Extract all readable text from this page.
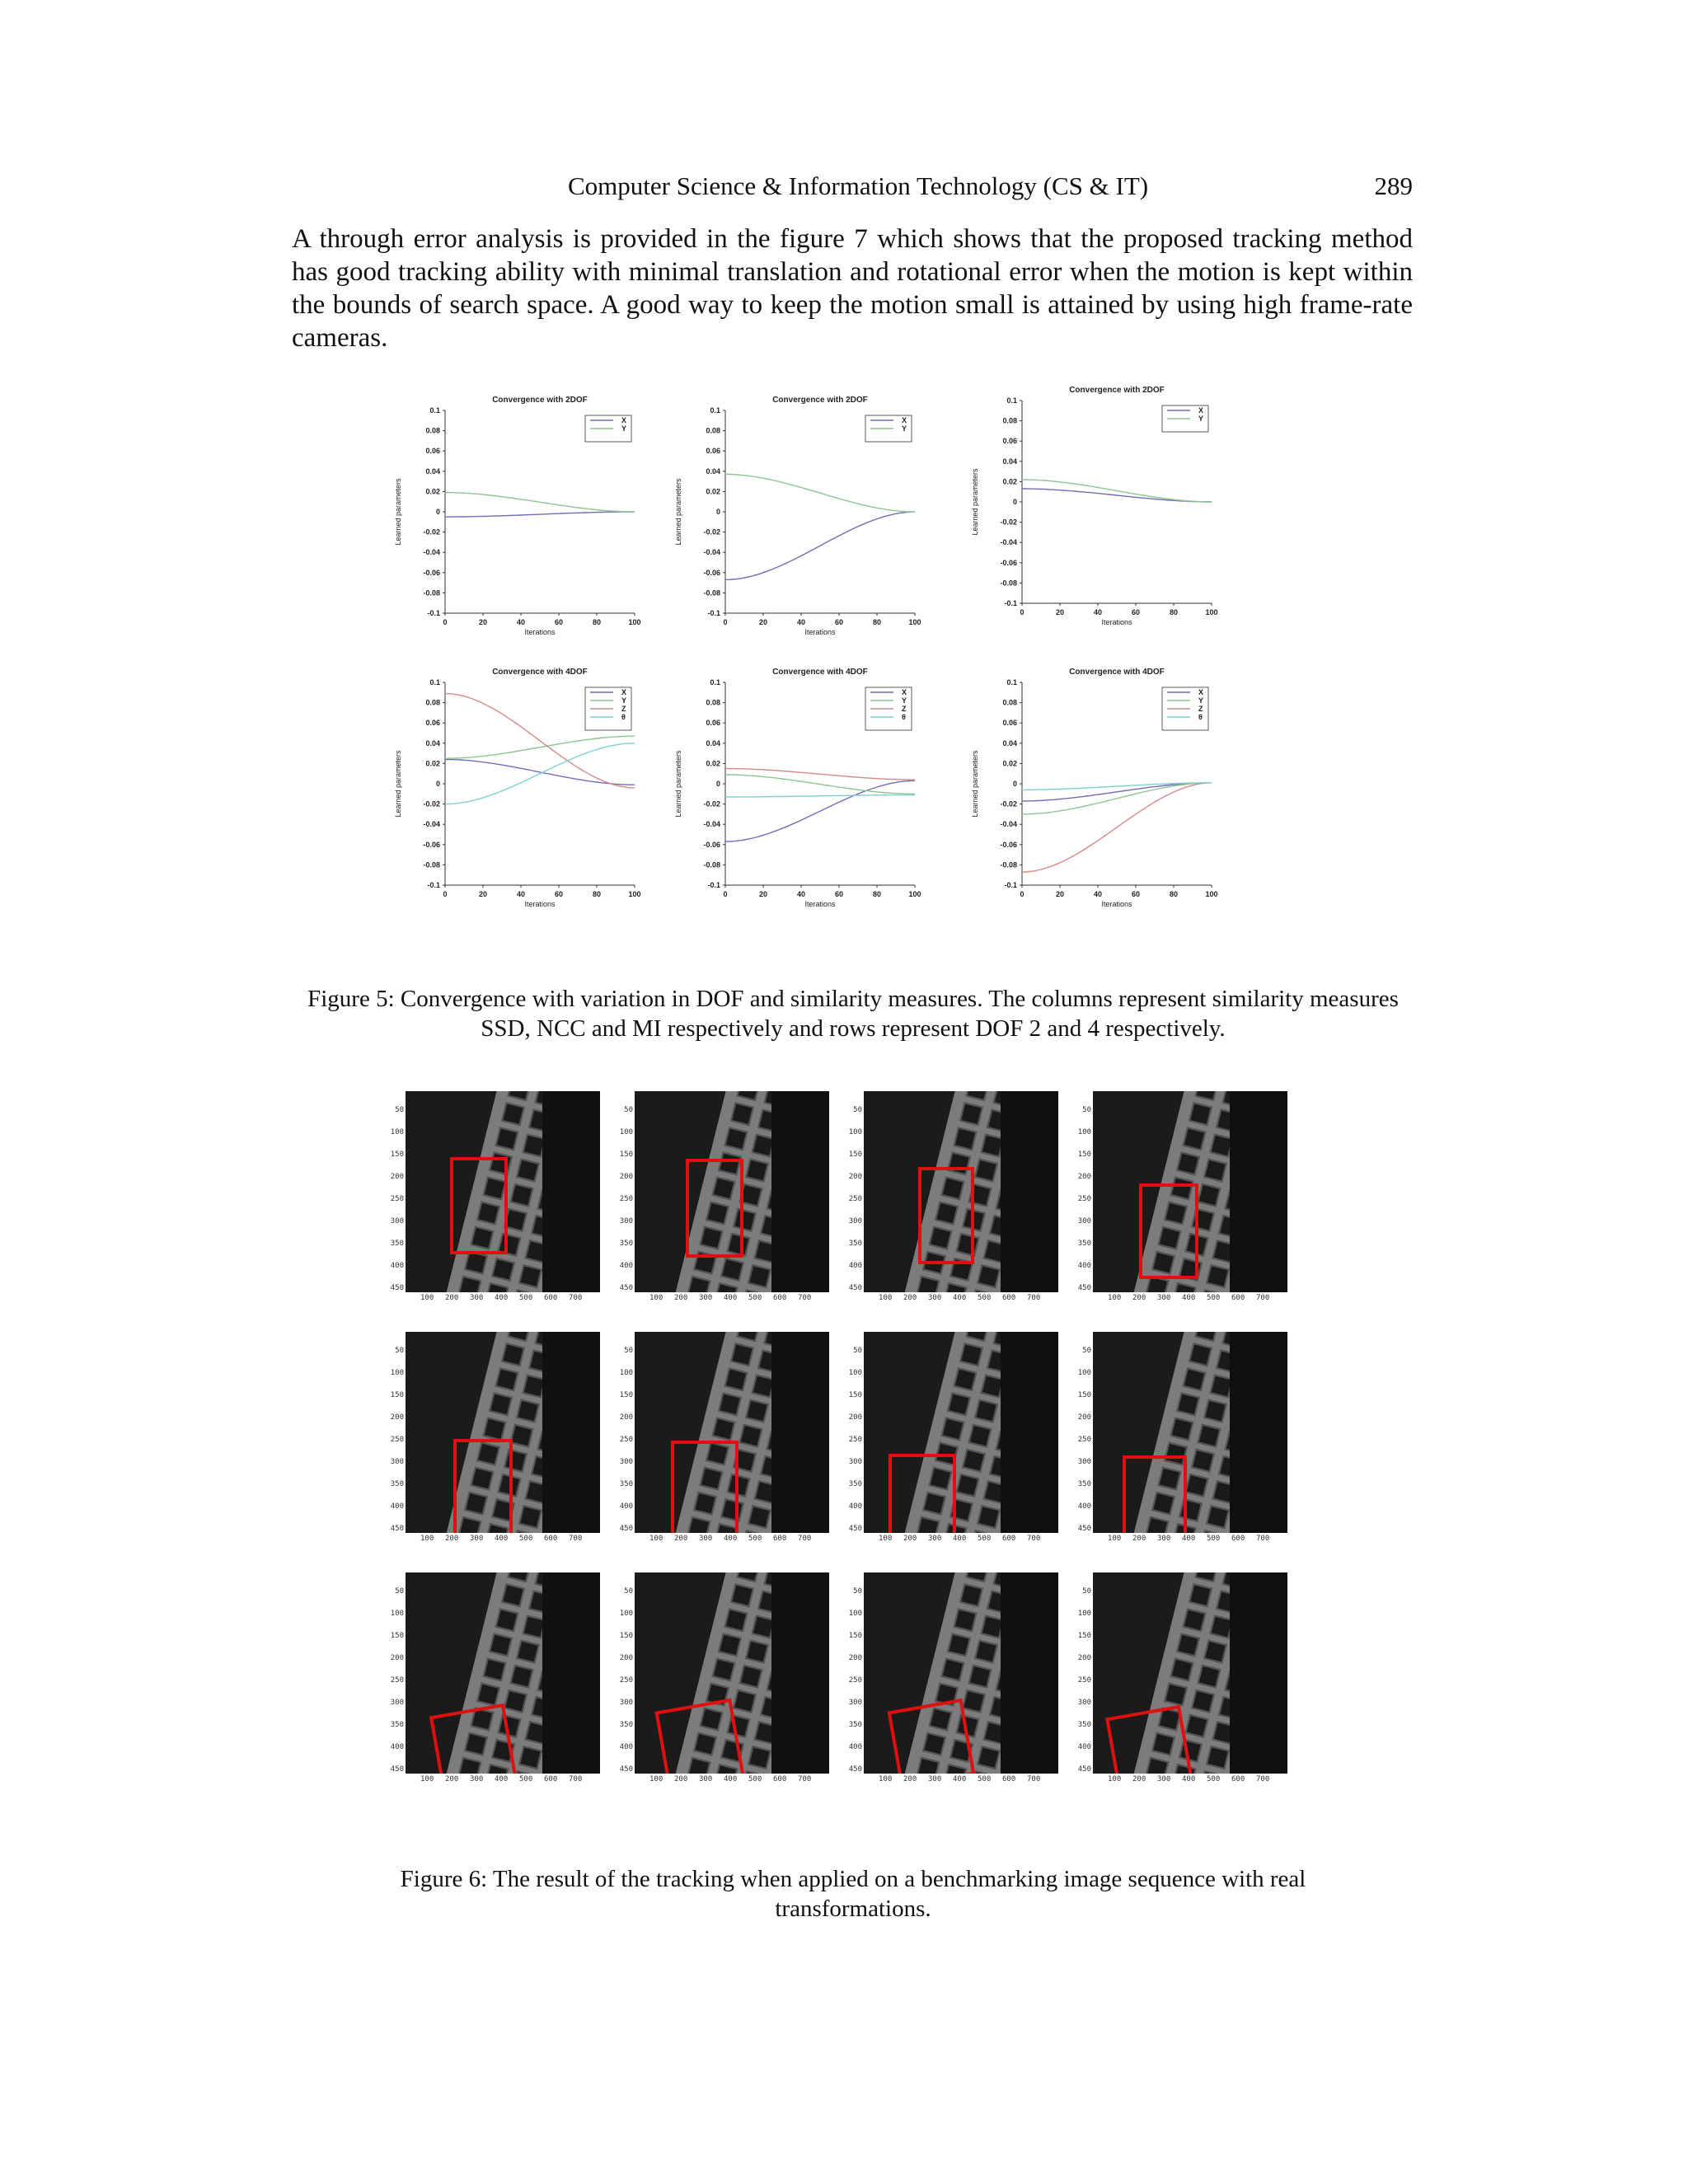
Computer Science & Information Technology (CS & IT)	289

A through error analysis is provided in the figure 7 which shows that the proposed tracking method has good tracking ability with minimal translation and rotational error when the motion is kept within the bounds of search space. A good way to keep the motion small is attained by using high frame-rate cameras.

Convergence with 2DOF
0.1
0.08
0.06
0.04
0.02
0
-0.02
-0.04
-0.06
-0.08
-0.1
0	20	40	60	80	100
Iterations
Learned parameters
X
Y
Convergence with 2DOF
0.1
0.08
0.06
0.04
0.02
0
-0.02
-0.04
-0.06
-0.08
-0.1
0	20	40	60	80	100
Iterations
Learned parameters
X
Y
Convergence with 2DOF
0.1
0.08
0.06
0.04
0.02
0
-0.02
-0.04
-0.06
-0.08
-0.1
0	20	40	60	80	100
Iterations
Learned parameters
X
Y
Convergence with 4DOF
0.1
0.08
0.06
0.04
0.02
0
-0.02
-0.04
-0.06
-0.08
-0.1
0	20	40	60	80	100
Iterations
Learned parameters
X
Y
Z
θ
Convergence with 4DOF
0.1
0.08
0.06
0.04
0.02
0
-0.02
-0.04
-0.06
-0.08
-0.1
0	20	40	60	80	100
Iterations
Learned parameters
X
Y
Z
θ
Convergence with 4DOF
0.1
0.08
0.06
0.04
0.02
0
-0.02
-0.04
-0.06
-0.08
-0.1
0	20	40	60	80	100
Iterations
Learned parameters
X
Y
Z
θ
Figure 5: Convergence with variation in DOF and similarity measures. The columns represent similarity measures SSD, NCC and MI respectively and rows represent DOF 2 and 4 respectively.
50
100
150
200
250
300
350
400
450
100 200 300 400 500 600 700
50
100
150
200
250
300
350
400
450
100 200 300 400 500 600 700
50
100
150
200
250
300
350
400
450
100 200 300 400 500 600 700
50
100
150
200
250
300
350
400
450
100 200 300 400 500 600 700
50
100
150
200
250
300
350
400
450
100 200 300 400 500 600 700
50
100
150
200
250
300
350
400
450
100 200 300 400 500 600 700
50
100
150
200
250
300
350
400
450
100 200 300 400 500 600 700
50
100
150
200
250
300
350
400
450
100 200 300 400 500 600 700
50
100
150
200
250
300
350
400
450
100 200 300 400 500 600 700
50
100
150
200
250
300
350
400
450
100 200 300 400 500 600 700
50
100
150
200
250
300
350
400
450
100 200 300 400 500 600 700
50
100
150
200
250
300
350
400
450
100 200 300 400 500 600 700
Figure 6: The result of the tracking when applied on a benchmarking image sequence with real transformations.
